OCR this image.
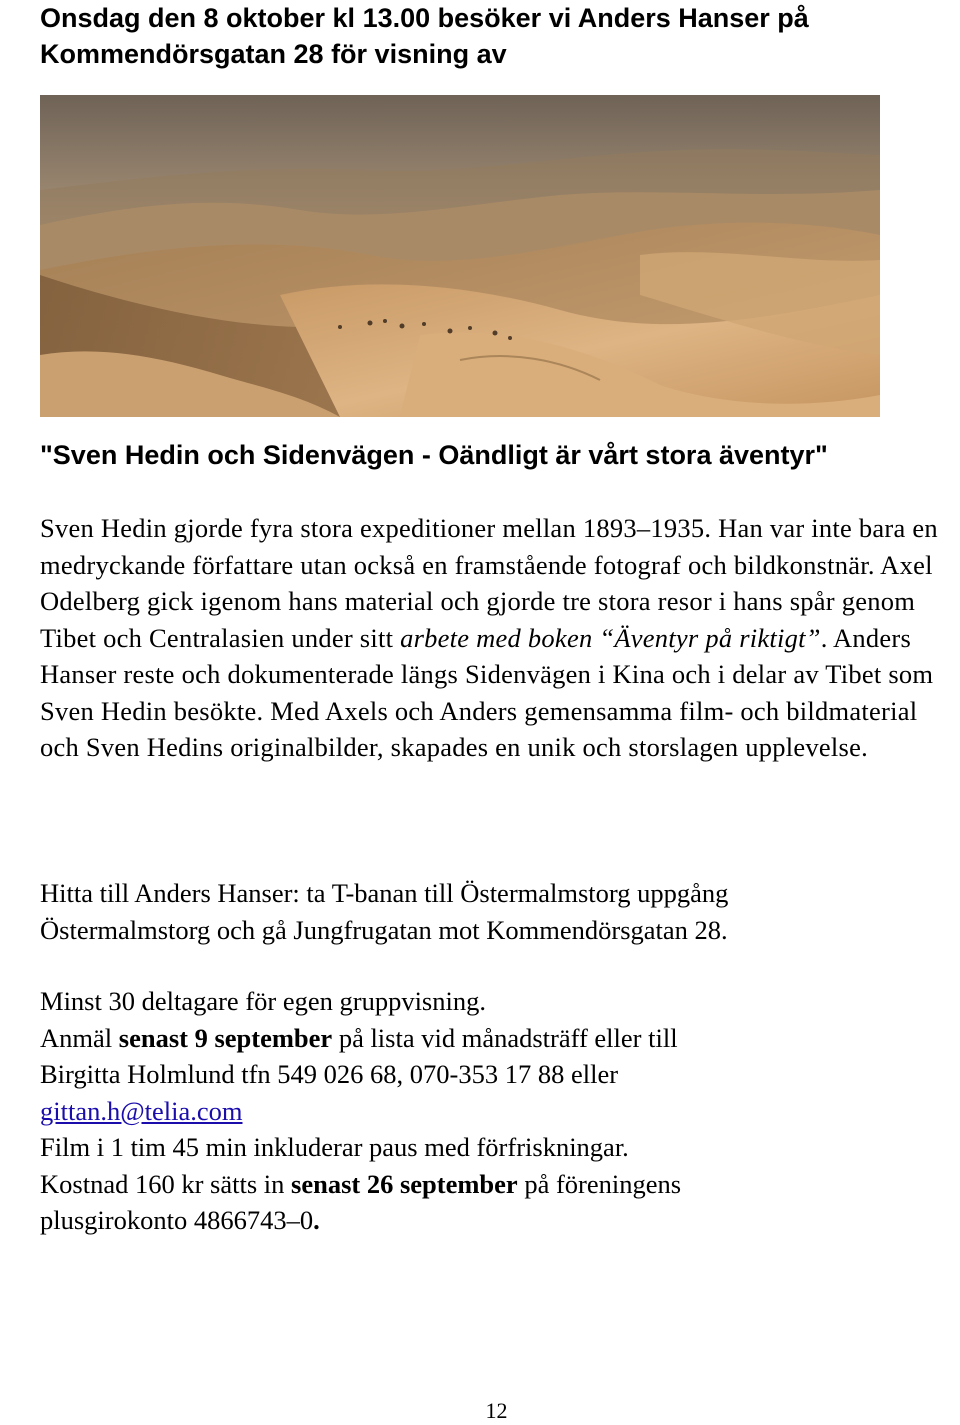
Onsdag den 8 oktober kl 13.00 besöker vi Anders Hanser på
Kommendörsgatan 28 för visning av
"Sven Hedin och Sidenvägen - Oändligt är vårt stora äventyr"
Sven Hedin gjorde fyra stora expeditioner mellan 1893–1935. Han var inte bara en medryckande författare utan också en framstående fotograf och bildkonstnär. Axel Odelberg gick igenom hans material och gjorde tre stora resor i hans spår genom Tibet och Centralasien under sitt arbete med boken “Äventyr på riktigt”. Anders Hanser reste och dokumenterade längs Sidenvägen i Kina och i delar av Tibet som Sven Hedin besökte. Med Axels och Anders gemensamma film- och bildmaterial och Sven Hedins originalbilder, skapades en unik och storslagen upplevelse.
Hitta till Anders Hanser: ta T-banan till Östermalmstorg uppgång
Östermalmstorg och gå Jungfrugatan mot Kommendörsgatan 28.
Minst 30 deltagare för egen gruppvisning.
Anmäl senast 9 september på lista vid månadsträff eller till
Birgitta Holmlund tfn 549 026 68, 070-353 17 88 eller
gittan.h@telia.com
Film i 1 tim 45 min inkluderar paus med förfriskningar.
Kostnad 160 kr sätts in senast 26 september på föreningens
plusgirokonto 4866743–0.
12
